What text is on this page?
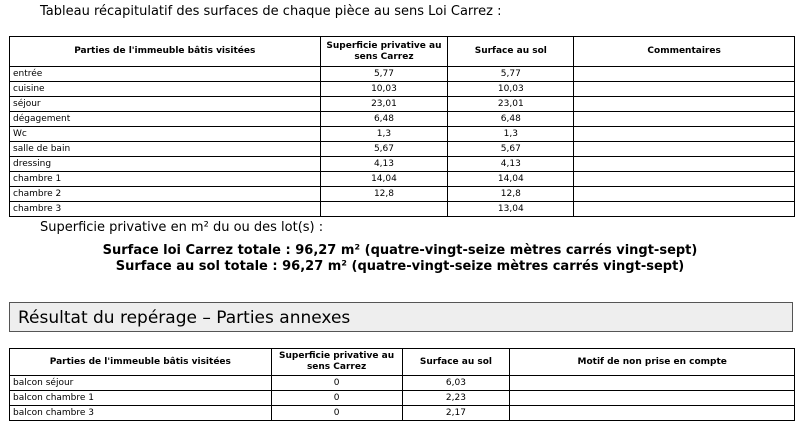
Tableau récapitulatif des surfaces de chaque pièce au sens Loi Carrez :
Parties de l'immeuble bâtis visitées	Superficie privative au sens Carrez	Surface au sol	Commentaires
entrée	5,77	5,77	
cuisine	10,03	10,03	
séjour	23,01	23,01	
dégagement	6,48	6,48	
Wc	1,3	1,3	
salle de bain	5,67	5,67	
dressing	4,13	4,13	
chambre 1	14,04	14,04	
chambre 2	12,8	12,8	
chambre 3		13,04	
Superficie privative en m² du ou des lot(s) :
Surface loi Carrez totale : 96,27 m² (quatre-vingt-seize mètres carrés vingt-sept)
Surface au sol totale : 96,27 m² (quatre-vingt-seize mètres carrés vingt-sept)
Résultat du repérage – Parties annexes
Parties de l'immeuble bâtis visitées	Superficie privative au sens Carrez	Surface au sol	Motif de non prise en compte
balcon séjour	0	6,03	
balcon chambre 1	0	2,23	
balcon chambre 3	0	2,17	
